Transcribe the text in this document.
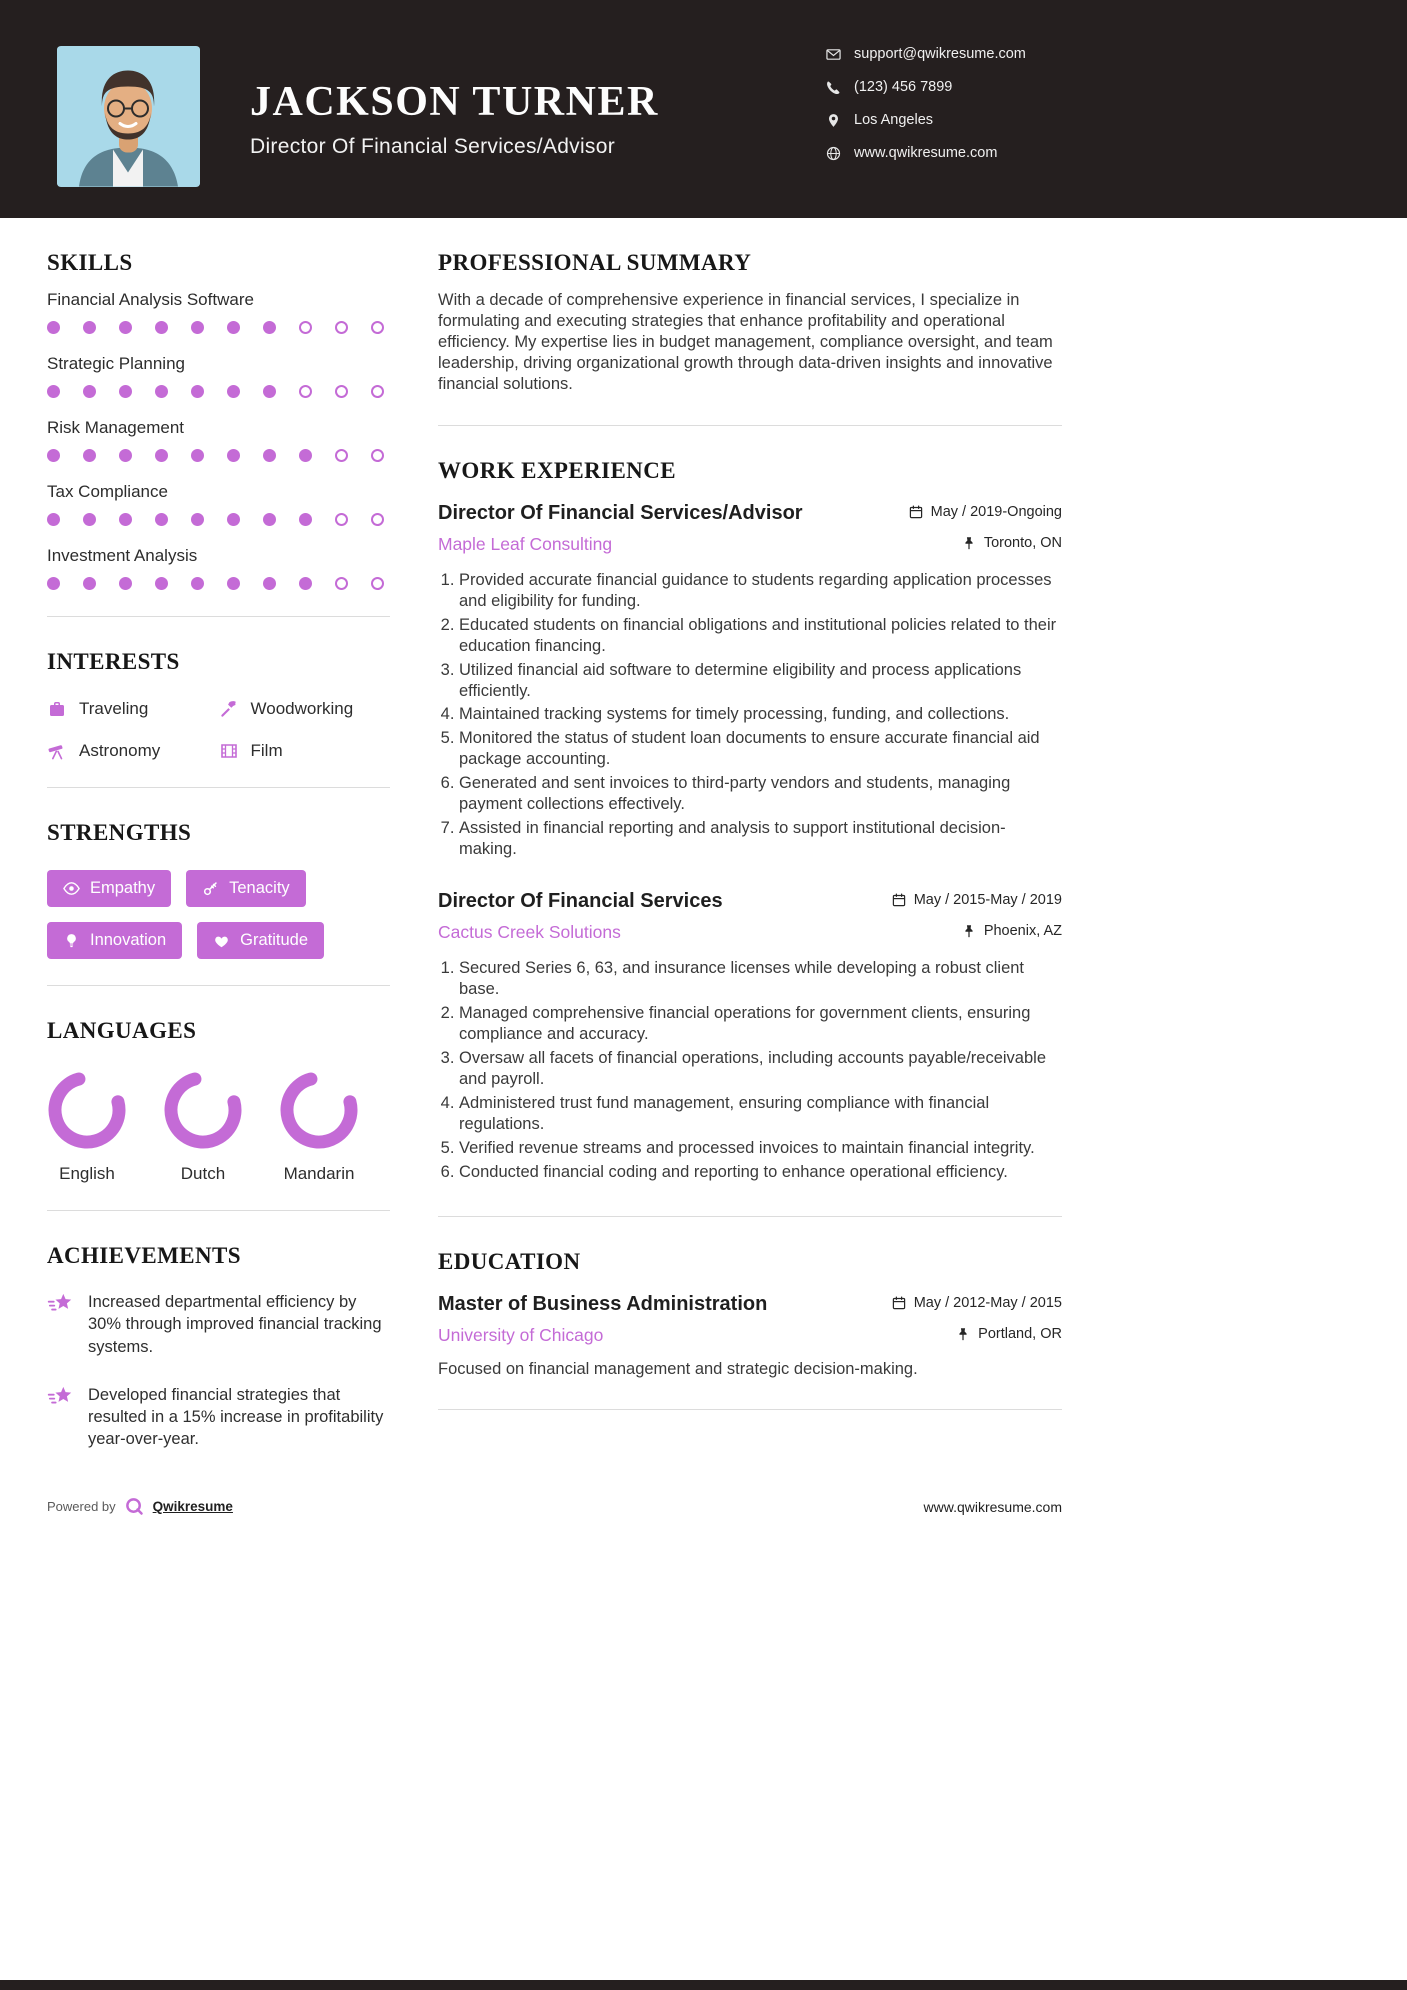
JACKSON TURNER
Director Of Financial Services/Advisor
support@qwikresume.com
(123) 456 7899
Los Angeles
www.qwikresume.com
SKILLS
Financial Analysis Software
Strategic Planning
Risk Management
Tax Compliance
Investment Analysis
INTERESTS
Traveling	Woodworking
Astronomy	Film
STRENGTHS
Empathy	Tenacity
Innovation	Gratitude
LANGUAGES
English	Dutch	Mandarin
ACHIEVEMENTS

Increased departmental efficiency by 30% through improved financial tracking systems.

Developed financial strategies that resulted in a 15% increase in profitability year-over-year.

PROFESSIONAL SUMMARY

With a decade of comprehensive experience in financial services, I specialize in formulating and executing strategies that enhance profitability and operational efficiency. My expertise lies in budget management, compliance oversight, and team leadership, driving organizational growth through data-driven insights and innovative financial solutions.

WORK EXPERIENCE
Director Of Financial Services/Advisor	May / 2019-Ongoing
Maple Leaf Consulting	Toronto, ON
1. Provided accurate financial guidance to students regarding application processes and eligibility for funding.
2. Educated students on financial obligations and institutional policies related to their education financing.
3. Utilized financial aid software to determine eligibility and process applications efficiently.
4. Maintained tracking systems for timely processing, funding, and collections.
5. Monitored the status of student loan documents to ensure accurate financial aid package accounting.
6. Generated and sent invoices to third-party vendors and students, managing payment collections effectively.
7. Assisted in financial reporting and analysis to support institutional decision-making.
Director Of Financial Services	May / 2015-May / 2019
Cactus Creek Solutions	Phoenix, AZ
1. Secured Series 6, 63, and insurance licenses while developing a robust client base.
2. Managed comprehensive financial operations for government clients, ensuring compliance and accuracy.
3. Oversaw all facets of financial operations, including accounts payable/receivable and payroll.
4. Administered trust fund management, ensuring compliance with financial regulations.
5. Verified revenue streams and processed invoices to maintain financial integrity.
6. Conducted financial coding and reporting to enhance operational efficiency.
EDUCATION
Master of Business Administration	May / 2012-May / 2015
University of Chicago	Portland, OR

Focused on financial management and strategic decision-making.

Powered by	Qwikresume	www.qwikresume.com
